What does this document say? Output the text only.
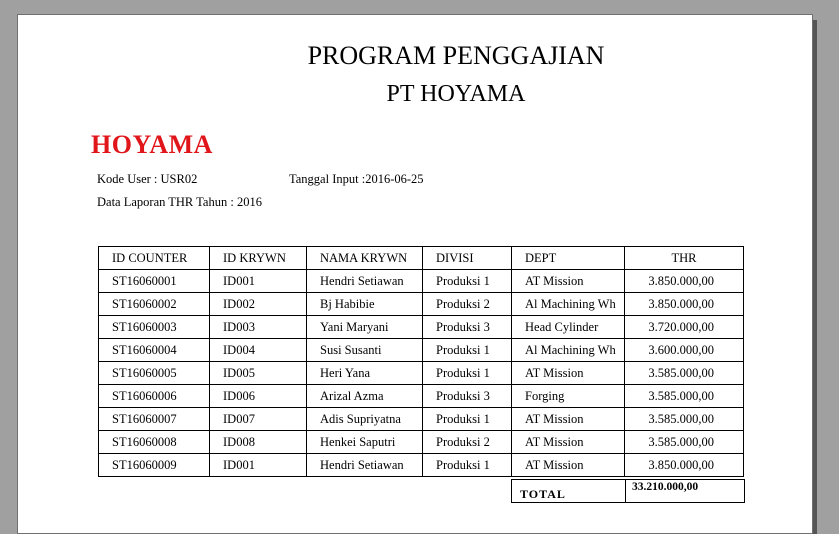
PROGRAM PENGGAJIAN
PT HOYAMA
HOYAMA
Kode User : USR02	Tanggal Input :2016-06-25
Data Laporan THR Tahun : 2016
ID COUNTER	ID KRYWN	NAMA KRYWN	DIVISI	DEPT	THR
ST16060001	ID001	Hendri Setiawan	Produksi 1	AT Mission	3.850.000,00
ST16060002	ID002	Bj Habibie	Produksi 2	Al Machining Wh	3.850.000,00
ST16060003	ID003	Yani Maryani	Produksi 3	Head Cylinder	3.720.000,00
ST16060004	ID004	Susi Susanti	Produksi 1	Al Machining Wh	3.600.000,00
ST16060005	ID005	Heri Yana	Produksi 1	AT Mission	3.585.000,00
ST16060006	ID006	Arizal Azma	Produksi 3	Forging	3.585.000,00
ST16060007	ID007	Adis Supriyatna	Produksi 1	AT Mission	3.585.000,00
ST16060008	ID008	Henkei Saputri	Produksi 2	AT Mission	3.585.000,00
ST16060009	ID001	Hendri Setiawan	Produksi 1	AT Mission	3.850.000,00
TOTAL	33.210.000,00
